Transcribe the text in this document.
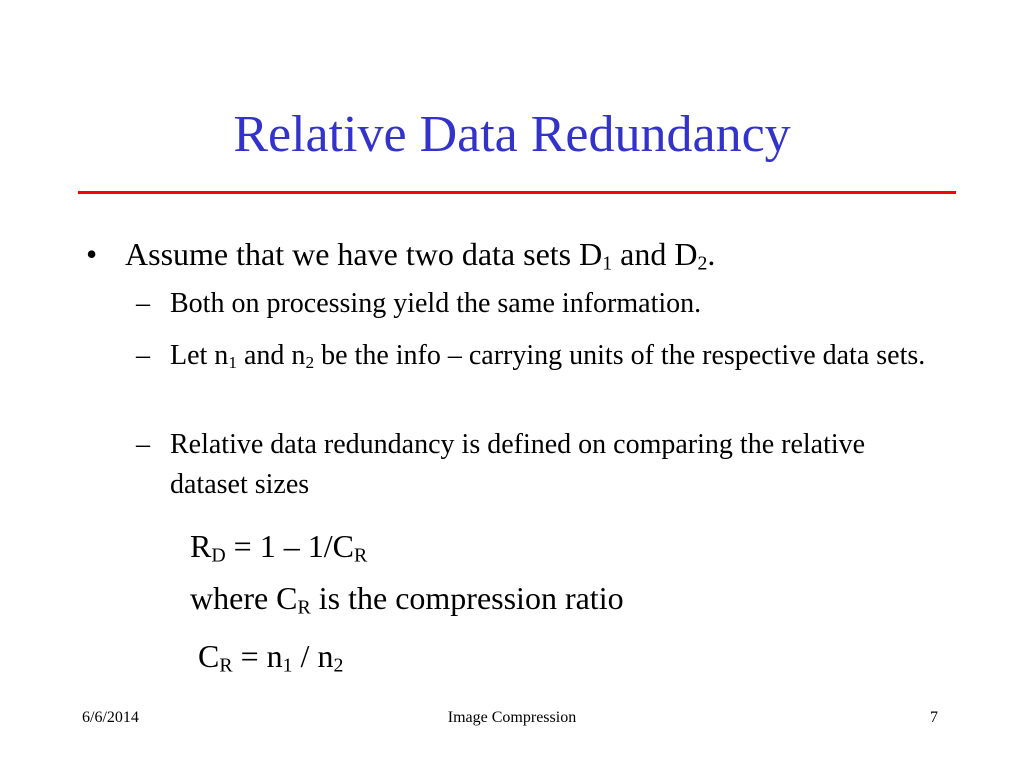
Relative Data Redundancy
• Assume that we have two data sets $D_1$ and $D_2$.
– Both on processing yield the same information.
– Let $n_1$ and $n_2$ be the info – carrying units of the respective data sets.
– Relative data redundancy is defined on comparing the relative dataset sizes
$R_D = 1 - 1/C_R$
where $C_R$ is the compression ratio
$C_R = n_1 / n_2$
6/6/2014	Image Compression	7
